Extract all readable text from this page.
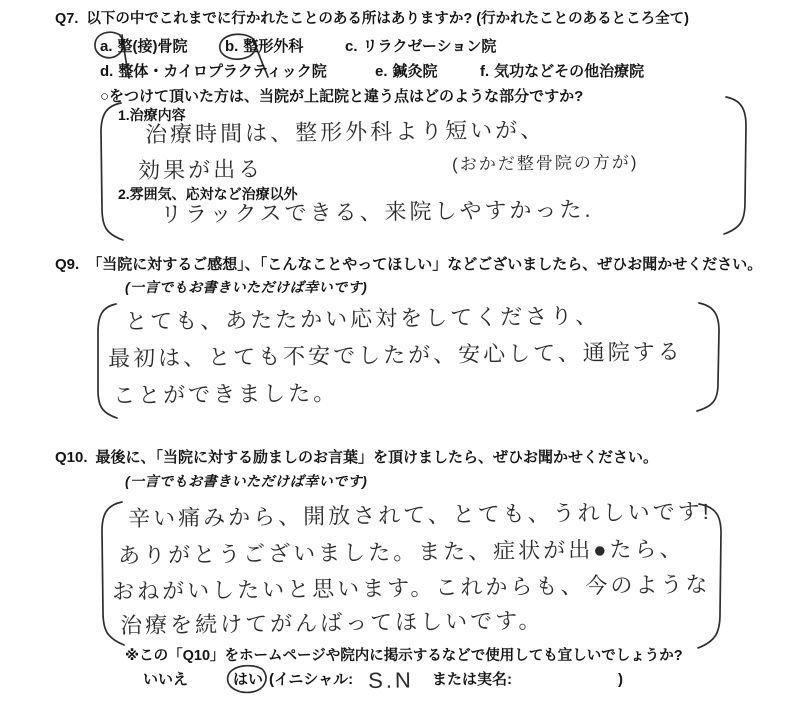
Q7. 以下の中でこれまでに行かれたことのある所はありますか? (行かれたことのあるところ全て)
a. 整(接)骨院 b. 整形外科	c. リラクゼーション院
d. 整体・カイロプラクティック院	e. 鍼灸院	f. 気功などその他治療院
○をつけて頂いた方は、当院が上記院と違う点はどのような部分ですか?
1.治療内容
治療時間は、整形外科より短いが、
効果が出る	(おかだ整骨院の方が)
2.雰囲気、応対など治療以外
リラックスできる、来院しやすかった.
Q9. 「当院に対するご感想」、「こんなことやってほしい」などございましたら、ぜひお聞かせください。
(一言でもお書きいただけば幸いです)
とても、あたたかい応対をしてくださり、
最初は、とても不安でしたが、安心して、通院する
ことができました。
Q10. 最後に、「当院に対する励ましのお言葉」を頂けましたら、ぜひお聞かせください。
(一言でもお書きいただけば幸いです)
辛い痛みから、開放されて、とても、うれしいです!
ありがとうございました。また、症状が出●たら、
おねがいしたいと思います。これからも、今のような
治療を続けてがんばってほしいです。
※この「Q10」をホームページや院内に掲示するなどで使用しても宜しいでしょうか?
いいえ	はい (イニシャル: S.N または実名:	)
